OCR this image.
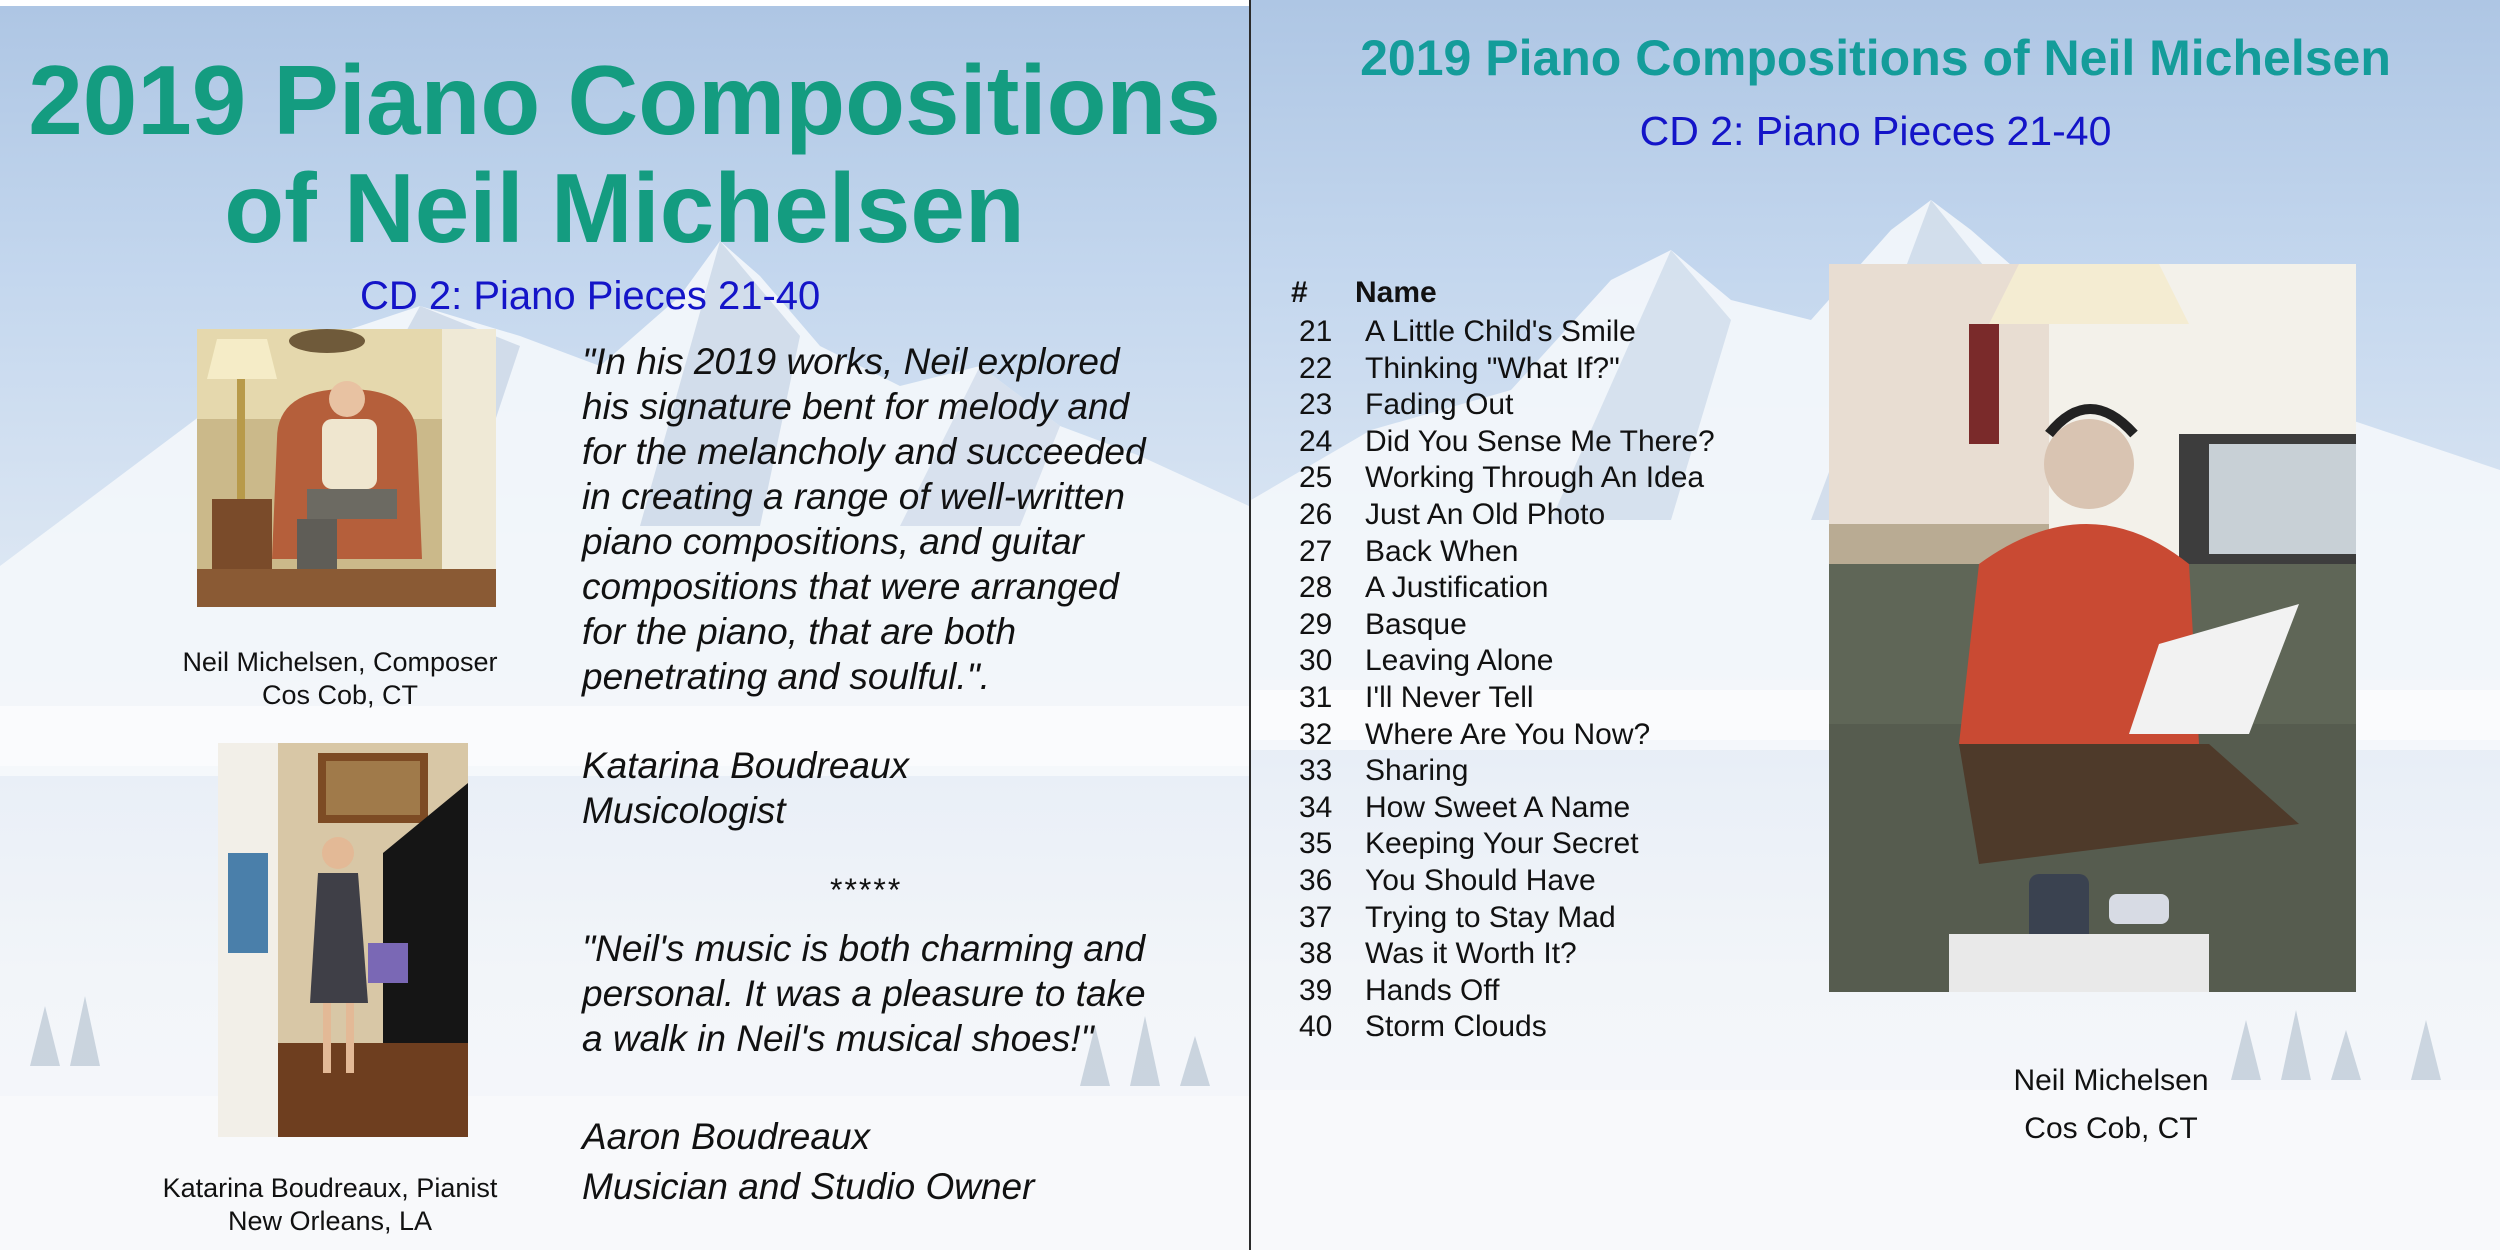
2019 Piano Compositions
of Neil Michelsen
CD 2: Piano Pieces 21-40
Neil Michelsen, Composer
Cos Cob, CT
Katarina Boudreaux, Pianist
New Orleans, LA
"In his 2019 works, Neil explored
his signature bent for melody and
for the melancholy and succeeded
in creating a range of well-written
piano compositions, and guitar
compositions that were arranged
for the piano, that are both
penetrating and soulful.".
Katarina Boudreaux
Musicologist
*****
"Neil's music is both charming and
personal. It was a pleasure to take
a walk in Neil's musical shoes!"
Aaron Boudreaux
Musician and Studio Owner
2019 Piano Compositions of Neil Michelsen
CD 2: Piano Pieces 21-40
# Name
21 A Little Child's Smile
22 Thinking "What If?"
23 Fading Out
24 Did You Sense Me There?
25 Working Through An Idea
26 Just An Old Photo
27 Back When
28 A Justification
29 Basque
30 Leaving Alone
31 I'll Never Tell
32 Where Are You Now?
33 Sharing
34 How Sweet A Name
35 Keeping Your Secret
36 You Should Have
37 Trying to Stay Mad
38 Was it Worth It?
39 Hands Off
40 Storm Clouds
Neil Michelsen
Cos Cob, CT
